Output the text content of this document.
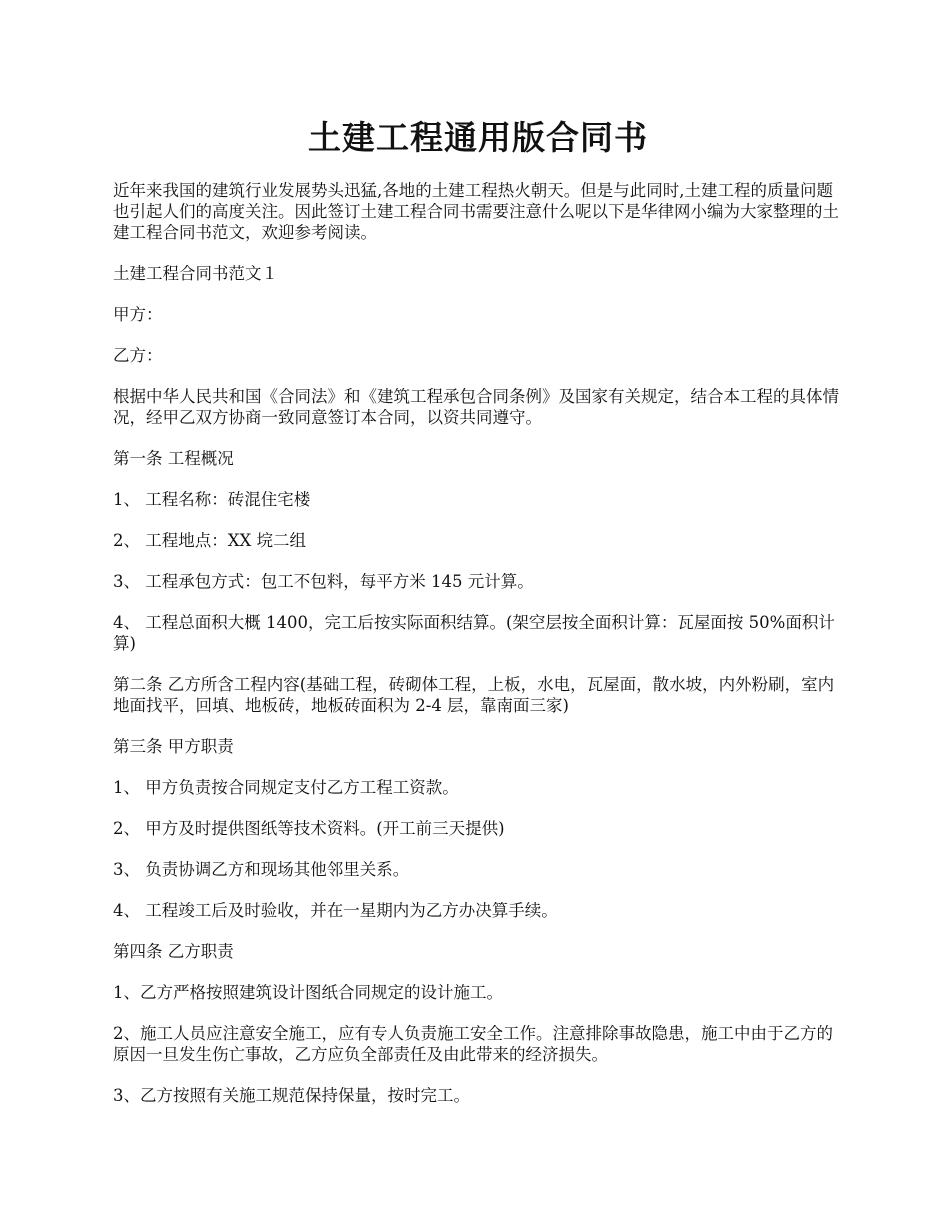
土建工程通用版合同书

近年来我国的建筑行业发展势头迅猛,各地的土建工程热火朝天。但是与此同时,土建工程的质量问题也引起人们的高度关注。因此签订土建工程合同书需要注意什么呢以下是华律网小编为大家整理的土建工程合同书范文，欢迎参考阅读。

土建工程合同书范文１

甲方：

乙方：

根据中华人民共和国《合同法》和《建筑工程承包合同条例》及国家有关规定，结合本工程的具体情况，经甲乙双方协商一致同意签订本合同，以资共同遵守。

第一条 工程概况

1、 工程名称：砖混住宅楼

2、 工程地点：XX 垸二组

3、 工程承包方式：包工不包料，每平方米 145 元计算。

4、 工程总面积大概 1400，完工后按实际面积结算。(架空层按全面积计算：瓦屋面按 50%面积计算)

第二条 乙方所含工程内容(基础工程，砖砌体工程，上板，水电，瓦屋面，散水坡，内外粉刷，室内地面找平，回填、地板砖，地板砖面积为 2-4 层，靠南面三家)

第三条 甲方职责

1、 甲方负责按合同规定支付乙方工程工资款。

2、 甲方及时提供图纸等技术资料。(开工前三天提供)

3、 负责协调乙方和现场其他邻里关系。

4、 工程竣工后及时验收，并在一星期内为乙方办决算手续。

第四条 乙方职责

1、乙方严格按照建筑设计图纸合同规定的设计施工。

2、施工人员应注意安全施工，应有专人负责施工安全工作。注意排除事故隐患，施工中由于乙方的原因一旦发生伤亡事故，乙方应负全部责任及由此带来的经济损失。

3、乙方按照有关施工规范保持保量，按时完工。
